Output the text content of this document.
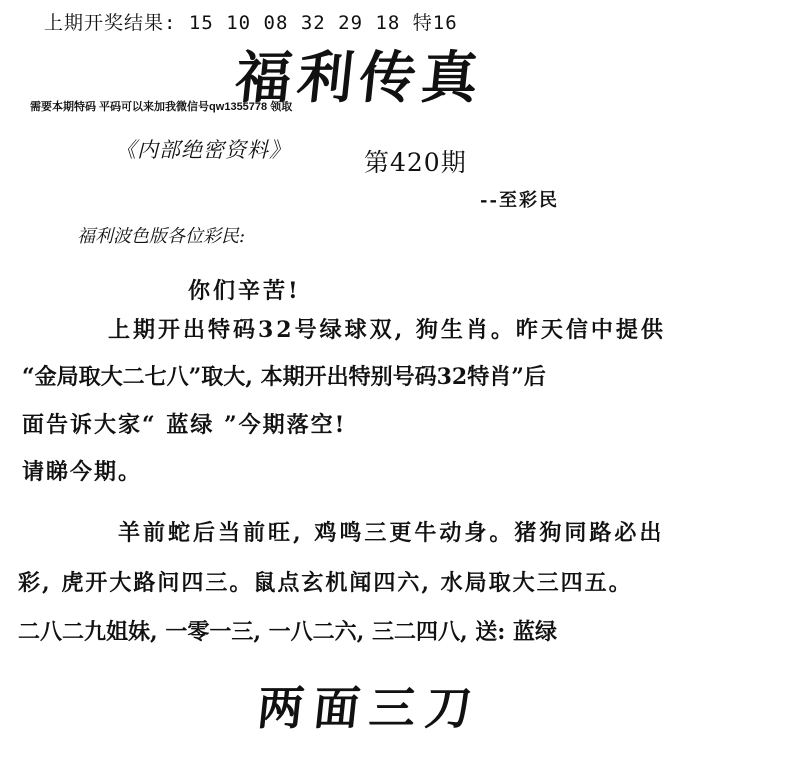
上期开奖结果: 15 10 08 32 29 18 特16
福利传真
需要本期特码 平码可以来加我微信号qw1355778 领取
《内部绝密资料》	第420期
--至彩民
福利波色版各位彩民:
你们辛苦!
上期开出特码32号绿球双, 狗生肖。昨天信中提供
“金局取大二七八”取大, 本期开出特别号码32特肖”后
面告诉大家“ 蓝绿 ”今期落空!
请睇今期。
羊前蛇后当前旺, 鸡鸣三更牛动身。猪狗同路必出
彩, 虎开大路问四三。鼠点玄机闻四六, 水局取大三四五。
二八二九姐妹, 一零一三, 一八二六, 三二四八, 送: 蓝绿
两面三刀
